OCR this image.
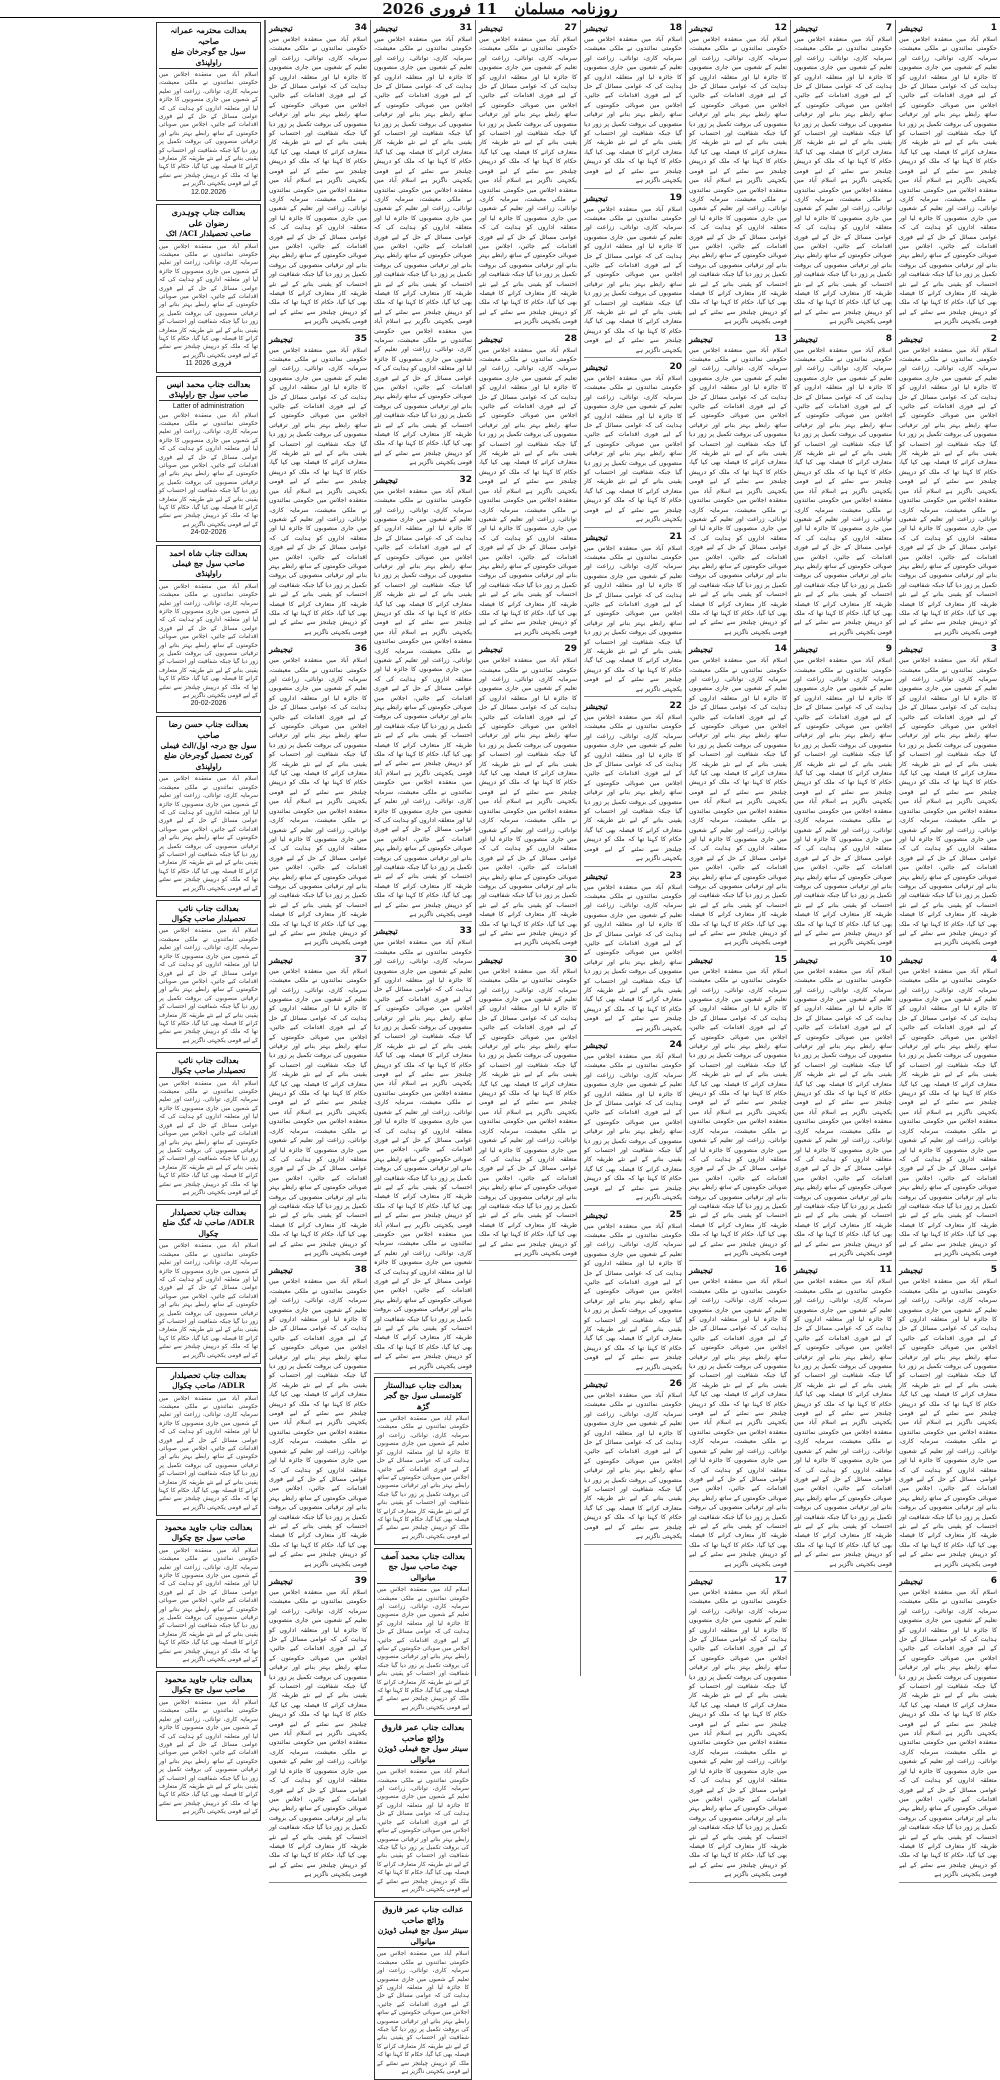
روزنامہ مسلمان 11 فروری 2026
1
تیجیشر
اسلام آباد میں منعقدہ اجلاس میں حکومتی نمائندوں نے ملکی معیشت، سرمایہ کاری، توانائی، زراعت اور تعلیم کے شعبوں میں جاری منصوبوں کا جائزہ لیا اور متعلقہ اداروں کو ہدایت کی کہ عوامی مسائل کے حل کے لیے فوری اقدامات کیے جائیں، اجلاس میں صوبائی حکومتوں کے ساتھ رابطے بہتر بنانے اور ترقیاتی منصوبوں کی بروقت تکمیل پر زور دیا گیا جبکہ شفافیت اور احتساب کو یقینی بنانے کے لیے نئے طریقہ کار متعارف کرانے کا فیصلہ بھی کیا گیا، حکام کا کہنا تھا کہ ملک کو درپیش چیلنجز سے نمٹنے کے لیے قومی یکجہتی ناگزیر ہے اسلام آباد میں منعقدہ اجلاس میں حکومتی نمائندوں نے ملکی معیشت، سرمایہ کاری، توانائی، زراعت اور تعلیم کے شعبوں میں جاری منصوبوں کا جائزہ لیا اور متعلقہ اداروں کو ہدایت کی کہ عوامی مسائل کے حل کے لیے فوری اقدامات کیے جائیں، اجلاس میں صوبائی حکومتوں کے ساتھ رابطے بہتر بنانے اور ترقیاتی منصوبوں کی بروقت تکمیل پر زور دیا گیا جبکہ شفافیت اور احتساب کو یقینی بنانے کے لیے نئے طریقہ کار متعارف کرانے کا فیصلہ بھی کیا گیا، حکام کا کہنا تھا کہ ملک کو درپیش چیلنجز سے نمٹنے کے لیے قومی یکجہتی ناگزیر ہے
2
تیجیشر
اسلام آباد میں منعقدہ اجلاس میں حکومتی نمائندوں نے ملکی معیشت، سرمایہ کاری، توانائی، زراعت اور تعلیم کے شعبوں میں جاری منصوبوں کا جائزہ لیا اور متعلقہ اداروں کو ہدایت کی کہ عوامی مسائل کے حل کے لیے فوری اقدامات کیے جائیں، اجلاس میں صوبائی حکومتوں کے ساتھ رابطے بہتر بنانے اور ترقیاتی منصوبوں کی بروقت تکمیل پر زور دیا گیا جبکہ شفافیت اور احتساب کو یقینی بنانے کے لیے نئے طریقہ کار متعارف کرانے کا فیصلہ بھی کیا گیا، حکام کا کہنا تھا کہ ملک کو درپیش چیلنجز سے نمٹنے کے لیے قومی یکجہتی ناگزیر ہے اسلام آباد میں منعقدہ اجلاس میں حکومتی نمائندوں نے ملکی معیشت، سرمایہ کاری، توانائی، زراعت اور تعلیم کے شعبوں میں جاری منصوبوں کا جائزہ لیا اور متعلقہ اداروں کو ہدایت کی کہ عوامی مسائل کے حل کے لیے فوری اقدامات کیے جائیں، اجلاس میں صوبائی حکومتوں کے ساتھ رابطے بہتر بنانے اور ترقیاتی منصوبوں کی بروقت تکمیل پر زور دیا گیا جبکہ شفافیت اور احتساب کو یقینی بنانے کے لیے نئے طریقہ کار متعارف کرانے کا فیصلہ بھی کیا گیا، حکام کا کہنا تھا کہ ملک کو درپیش چیلنجز سے نمٹنے کے لیے قومی یکجہتی ناگزیر ہے
3
تیجیشر
اسلام آباد میں منعقدہ اجلاس میں حکومتی نمائندوں نے ملکی معیشت، سرمایہ کاری، توانائی، زراعت اور تعلیم کے شعبوں میں جاری منصوبوں کا جائزہ لیا اور متعلقہ اداروں کو ہدایت کی کہ عوامی مسائل کے حل کے لیے فوری اقدامات کیے جائیں، اجلاس میں صوبائی حکومتوں کے ساتھ رابطے بہتر بنانے اور ترقیاتی منصوبوں کی بروقت تکمیل پر زور دیا گیا جبکہ شفافیت اور احتساب کو یقینی بنانے کے لیے نئے طریقہ کار متعارف کرانے کا فیصلہ بھی کیا گیا، حکام کا کہنا تھا کہ ملک کو درپیش چیلنجز سے نمٹنے کے لیے قومی یکجہتی ناگزیر ہے اسلام آباد میں منعقدہ اجلاس میں حکومتی نمائندوں نے ملکی معیشت، سرمایہ کاری، توانائی، زراعت اور تعلیم کے شعبوں میں جاری منصوبوں کا جائزہ لیا اور متعلقہ اداروں کو ہدایت کی کہ عوامی مسائل کے حل کے لیے فوری اقدامات کیے جائیں، اجلاس میں صوبائی حکومتوں کے ساتھ رابطے بہتر بنانے اور ترقیاتی منصوبوں کی بروقت تکمیل پر زور دیا گیا جبکہ شفافیت اور احتساب کو یقینی بنانے کے لیے نئے طریقہ کار متعارف کرانے کا فیصلہ بھی کیا گیا، حکام کا کہنا تھا کہ ملک کو درپیش چیلنجز سے نمٹنے کے لیے قومی یکجہتی ناگزیر ہے
4
تیجیشر
اسلام آباد میں منعقدہ اجلاس میں حکومتی نمائندوں نے ملکی معیشت، سرمایہ کاری، توانائی، زراعت اور تعلیم کے شعبوں میں جاری منصوبوں کا جائزہ لیا اور متعلقہ اداروں کو ہدایت کی کہ عوامی مسائل کے حل کے لیے فوری اقدامات کیے جائیں، اجلاس میں صوبائی حکومتوں کے ساتھ رابطے بہتر بنانے اور ترقیاتی منصوبوں کی بروقت تکمیل پر زور دیا گیا جبکہ شفافیت اور احتساب کو یقینی بنانے کے لیے نئے طریقہ کار متعارف کرانے کا فیصلہ بھی کیا گیا، حکام کا کہنا تھا کہ ملک کو درپیش چیلنجز سے نمٹنے کے لیے قومی یکجہتی ناگزیر ہے اسلام آباد میں منعقدہ اجلاس میں حکومتی نمائندوں نے ملکی معیشت، سرمایہ کاری، توانائی، زراعت اور تعلیم کے شعبوں میں جاری منصوبوں کا جائزہ لیا اور متعلقہ اداروں کو ہدایت کی کہ عوامی مسائل کے حل کے لیے فوری اقدامات کیے جائیں، اجلاس میں صوبائی حکومتوں کے ساتھ رابطے بہتر بنانے اور ترقیاتی منصوبوں کی بروقت تکمیل پر زور دیا گیا جبکہ شفافیت اور احتساب کو یقینی بنانے کے لیے نئے طریقہ کار متعارف کرانے کا فیصلہ بھی کیا گیا، حکام کا کہنا تھا کہ ملک کو درپیش چیلنجز سے نمٹنے کے لیے قومی یکجہتی ناگزیر ہے
5
تیجیشر
اسلام آباد میں منعقدہ اجلاس میں حکومتی نمائندوں نے ملکی معیشت، سرمایہ کاری، توانائی، زراعت اور تعلیم کے شعبوں میں جاری منصوبوں کا جائزہ لیا اور متعلقہ اداروں کو ہدایت کی کہ عوامی مسائل کے حل کے لیے فوری اقدامات کیے جائیں، اجلاس میں صوبائی حکومتوں کے ساتھ رابطے بہتر بنانے اور ترقیاتی منصوبوں کی بروقت تکمیل پر زور دیا گیا جبکہ شفافیت اور احتساب کو یقینی بنانے کے لیے نئے طریقہ کار متعارف کرانے کا فیصلہ بھی کیا گیا، حکام کا کہنا تھا کہ ملک کو درپیش چیلنجز سے نمٹنے کے لیے قومی یکجہتی ناگزیر ہے اسلام آباد میں منعقدہ اجلاس میں حکومتی نمائندوں نے ملکی معیشت، سرمایہ کاری، توانائی، زراعت اور تعلیم کے شعبوں میں جاری منصوبوں کا جائزہ لیا اور متعلقہ اداروں کو ہدایت کی کہ عوامی مسائل کے حل کے لیے فوری اقدامات کیے جائیں، اجلاس میں صوبائی حکومتوں کے ساتھ رابطے بہتر بنانے اور ترقیاتی منصوبوں کی بروقت تکمیل پر زور دیا گیا جبکہ شفافیت اور احتساب کو یقینی بنانے کے لیے نئے طریقہ کار متعارف کرانے کا فیصلہ بھی کیا گیا، حکام کا کہنا تھا کہ ملک کو درپیش چیلنجز سے نمٹنے کے لیے قومی یکجہتی ناگزیر ہے
6
تیجیشر
اسلام آباد میں منعقدہ اجلاس میں حکومتی نمائندوں نے ملکی معیشت، سرمایہ کاری، توانائی، زراعت اور تعلیم کے شعبوں میں جاری منصوبوں کا جائزہ لیا اور متعلقہ اداروں کو ہدایت کی کہ عوامی مسائل کے حل کے لیے فوری اقدامات کیے جائیں، اجلاس میں صوبائی حکومتوں کے ساتھ رابطے بہتر بنانے اور ترقیاتی منصوبوں کی بروقت تکمیل پر زور دیا گیا جبکہ شفافیت اور احتساب کو یقینی بنانے کے لیے نئے طریقہ کار متعارف کرانے کا فیصلہ بھی کیا گیا، حکام کا کہنا تھا کہ ملک کو درپیش چیلنجز سے نمٹنے کے لیے قومی یکجہتی ناگزیر ہے اسلام آباد میں منعقدہ اجلاس میں حکومتی نمائندوں نے ملکی معیشت، سرمایہ کاری، توانائی، زراعت اور تعلیم کے شعبوں میں جاری منصوبوں کا جائزہ لیا اور متعلقہ اداروں کو ہدایت کی کہ عوامی مسائل کے حل کے لیے فوری اقدامات کیے جائیں، اجلاس میں صوبائی حکومتوں کے ساتھ رابطے بہتر بنانے اور ترقیاتی منصوبوں کی بروقت تکمیل پر زور دیا گیا جبکہ شفافیت اور احتساب کو یقینی بنانے کے لیے نئے طریقہ کار متعارف کرانے کا فیصلہ بھی کیا گیا، حکام کا کہنا تھا کہ ملک کو درپیش چیلنجز سے نمٹنے کے لیے قومی یکجہتی ناگزیر ہے
7
تیجیشر
اسلام آباد میں منعقدہ اجلاس میں حکومتی نمائندوں نے ملکی معیشت، سرمایہ کاری، توانائی، زراعت اور تعلیم کے شعبوں میں جاری منصوبوں کا جائزہ لیا اور متعلقہ اداروں کو ہدایت کی کہ عوامی مسائل کے حل کے لیے فوری اقدامات کیے جائیں، اجلاس میں صوبائی حکومتوں کے ساتھ رابطے بہتر بنانے اور ترقیاتی منصوبوں کی بروقت تکمیل پر زور دیا گیا جبکہ شفافیت اور احتساب کو یقینی بنانے کے لیے نئے طریقہ کار متعارف کرانے کا فیصلہ بھی کیا گیا، حکام کا کہنا تھا کہ ملک کو درپیش چیلنجز سے نمٹنے کے لیے قومی یکجہتی ناگزیر ہے اسلام آباد میں منعقدہ اجلاس میں حکومتی نمائندوں نے ملکی معیشت، سرمایہ کاری، توانائی، زراعت اور تعلیم کے شعبوں میں جاری منصوبوں کا جائزہ لیا اور متعلقہ اداروں کو ہدایت کی کہ عوامی مسائل کے حل کے لیے فوری اقدامات کیے جائیں، اجلاس میں صوبائی حکومتوں کے ساتھ رابطے بہتر بنانے اور ترقیاتی منصوبوں کی بروقت تکمیل پر زور دیا گیا جبکہ شفافیت اور احتساب کو یقینی بنانے کے لیے نئے طریقہ کار متعارف کرانے کا فیصلہ بھی کیا گیا، حکام کا کہنا تھا کہ ملک کو درپیش چیلنجز سے نمٹنے کے لیے قومی یکجہتی ناگزیر ہے
8
تیجیشر
اسلام آباد میں منعقدہ اجلاس میں حکومتی نمائندوں نے ملکی معیشت، سرمایہ کاری، توانائی، زراعت اور تعلیم کے شعبوں میں جاری منصوبوں کا جائزہ لیا اور متعلقہ اداروں کو ہدایت کی کہ عوامی مسائل کے حل کے لیے فوری اقدامات کیے جائیں، اجلاس میں صوبائی حکومتوں کے ساتھ رابطے بہتر بنانے اور ترقیاتی منصوبوں کی بروقت تکمیل پر زور دیا گیا جبکہ شفافیت اور احتساب کو یقینی بنانے کے لیے نئے طریقہ کار متعارف کرانے کا فیصلہ بھی کیا گیا، حکام کا کہنا تھا کہ ملک کو درپیش چیلنجز سے نمٹنے کے لیے قومی یکجہتی ناگزیر ہے اسلام آباد میں منعقدہ اجلاس میں حکومتی نمائندوں نے ملکی معیشت، سرمایہ کاری، توانائی، زراعت اور تعلیم کے شعبوں میں جاری منصوبوں کا جائزہ لیا اور متعلقہ اداروں کو ہدایت کی کہ عوامی مسائل کے حل کے لیے فوری اقدامات کیے جائیں، اجلاس میں صوبائی حکومتوں کے ساتھ رابطے بہتر بنانے اور ترقیاتی منصوبوں کی بروقت تکمیل پر زور دیا گیا جبکہ شفافیت اور احتساب کو یقینی بنانے کے لیے نئے طریقہ کار متعارف کرانے کا فیصلہ بھی کیا گیا، حکام کا کہنا تھا کہ ملک کو درپیش چیلنجز سے نمٹنے کے لیے قومی یکجہتی ناگزیر ہے
9
تیجیشر
اسلام آباد میں منعقدہ اجلاس میں حکومتی نمائندوں نے ملکی معیشت، سرمایہ کاری، توانائی، زراعت اور تعلیم کے شعبوں میں جاری منصوبوں کا جائزہ لیا اور متعلقہ اداروں کو ہدایت کی کہ عوامی مسائل کے حل کے لیے فوری اقدامات کیے جائیں، اجلاس میں صوبائی حکومتوں کے ساتھ رابطے بہتر بنانے اور ترقیاتی منصوبوں کی بروقت تکمیل پر زور دیا گیا جبکہ شفافیت اور احتساب کو یقینی بنانے کے لیے نئے طریقہ کار متعارف کرانے کا فیصلہ بھی کیا گیا، حکام کا کہنا تھا کہ ملک کو درپیش چیلنجز سے نمٹنے کے لیے قومی یکجہتی ناگزیر ہے اسلام آباد میں منعقدہ اجلاس میں حکومتی نمائندوں نے ملکی معیشت، سرمایہ کاری، توانائی، زراعت اور تعلیم کے شعبوں میں جاری منصوبوں کا جائزہ لیا اور متعلقہ اداروں کو ہدایت کی کہ عوامی مسائل کے حل کے لیے فوری اقدامات کیے جائیں، اجلاس میں صوبائی حکومتوں کے ساتھ رابطے بہتر بنانے اور ترقیاتی منصوبوں کی بروقت تکمیل پر زور دیا گیا جبکہ شفافیت اور احتساب کو یقینی بنانے کے لیے نئے طریقہ کار متعارف کرانے کا فیصلہ بھی کیا گیا، حکام کا کہنا تھا کہ ملک کو درپیش چیلنجز سے نمٹنے کے لیے قومی یکجہتی ناگزیر ہے
10
تیجیشر
اسلام آباد میں منعقدہ اجلاس میں حکومتی نمائندوں نے ملکی معیشت، سرمایہ کاری، توانائی، زراعت اور تعلیم کے شعبوں میں جاری منصوبوں کا جائزہ لیا اور متعلقہ اداروں کو ہدایت کی کہ عوامی مسائل کے حل کے لیے فوری اقدامات کیے جائیں، اجلاس میں صوبائی حکومتوں کے ساتھ رابطے بہتر بنانے اور ترقیاتی منصوبوں کی بروقت تکمیل پر زور دیا گیا جبکہ شفافیت اور احتساب کو یقینی بنانے کے لیے نئے طریقہ کار متعارف کرانے کا فیصلہ بھی کیا گیا، حکام کا کہنا تھا کہ ملک کو درپیش چیلنجز سے نمٹنے کے لیے قومی یکجہتی ناگزیر ہے اسلام آباد میں منعقدہ اجلاس میں حکومتی نمائندوں نے ملکی معیشت، سرمایہ کاری، توانائی، زراعت اور تعلیم کے شعبوں میں جاری منصوبوں کا جائزہ لیا اور متعلقہ اداروں کو ہدایت کی کہ عوامی مسائل کے حل کے لیے فوری اقدامات کیے جائیں، اجلاس میں صوبائی حکومتوں کے ساتھ رابطے بہتر بنانے اور ترقیاتی منصوبوں کی بروقت تکمیل پر زور دیا گیا جبکہ شفافیت اور احتساب کو یقینی بنانے کے لیے نئے طریقہ کار متعارف کرانے کا فیصلہ بھی کیا گیا، حکام کا کہنا تھا کہ ملک کو درپیش چیلنجز سے نمٹنے کے لیے قومی یکجہتی ناگزیر ہے
11
تیجیشر
اسلام آباد میں منعقدہ اجلاس میں حکومتی نمائندوں نے ملکی معیشت، سرمایہ کاری، توانائی، زراعت اور تعلیم کے شعبوں میں جاری منصوبوں کا جائزہ لیا اور متعلقہ اداروں کو ہدایت کی کہ عوامی مسائل کے حل کے لیے فوری اقدامات کیے جائیں، اجلاس میں صوبائی حکومتوں کے ساتھ رابطے بہتر بنانے اور ترقیاتی منصوبوں کی بروقت تکمیل پر زور دیا گیا جبکہ شفافیت اور احتساب کو یقینی بنانے کے لیے نئے طریقہ کار متعارف کرانے کا فیصلہ بھی کیا گیا، حکام کا کہنا تھا کہ ملک کو درپیش چیلنجز سے نمٹنے کے لیے قومی یکجہتی ناگزیر ہے اسلام آباد میں منعقدہ اجلاس میں حکومتی نمائندوں نے ملکی معیشت، سرمایہ کاری، توانائی، زراعت اور تعلیم کے شعبوں میں جاری منصوبوں کا جائزہ لیا اور متعلقہ اداروں کو ہدایت کی کہ عوامی مسائل کے حل کے لیے فوری اقدامات کیے جائیں، اجلاس میں صوبائی حکومتوں کے ساتھ رابطے بہتر بنانے اور ترقیاتی منصوبوں کی بروقت تکمیل پر زور دیا گیا جبکہ شفافیت اور احتساب کو یقینی بنانے کے لیے نئے طریقہ کار متعارف کرانے کا فیصلہ بھی کیا گیا، حکام کا کہنا تھا کہ ملک کو درپیش چیلنجز سے نمٹنے کے لیے قومی یکجہتی ناگزیر ہے
12
تیجیشر
اسلام آباد میں منعقدہ اجلاس میں حکومتی نمائندوں نے ملکی معیشت، سرمایہ کاری، توانائی، زراعت اور تعلیم کے شعبوں میں جاری منصوبوں کا جائزہ لیا اور متعلقہ اداروں کو ہدایت کی کہ عوامی مسائل کے حل کے لیے فوری اقدامات کیے جائیں، اجلاس میں صوبائی حکومتوں کے ساتھ رابطے بہتر بنانے اور ترقیاتی منصوبوں کی بروقت تکمیل پر زور دیا گیا جبکہ شفافیت اور احتساب کو یقینی بنانے کے لیے نئے طریقہ کار متعارف کرانے کا فیصلہ بھی کیا گیا، حکام کا کہنا تھا کہ ملک کو درپیش چیلنجز سے نمٹنے کے لیے قومی یکجہتی ناگزیر ہے اسلام آباد میں منعقدہ اجلاس میں حکومتی نمائندوں نے ملکی معیشت، سرمایہ کاری، توانائی، زراعت اور تعلیم کے شعبوں میں جاری منصوبوں کا جائزہ لیا اور متعلقہ اداروں کو ہدایت کی کہ عوامی مسائل کے حل کے لیے فوری اقدامات کیے جائیں، اجلاس میں صوبائی حکومتوں کے ساتھ رابطے بہتر بنانے اور ترقیاتی منصوبوں کی بروقت تکمیل پر زور دیا گیا جبکہ شفافیت اور احتساب کو یقینی بنانے کے لیے نئے طریقہ کار متعارف کرانے کا فیصلہ بھی کیا گیا، حکام کا کہنا تھا کہ ملک کو درپیش چیلنجز سے نمٹنے کے لیے قومی یکجہتی ناگزیر ہے
13
تیجیشر
اسلام آباد میں منعقدہ اجلاس میں حکومتی نمائندوں نے ملکی معیشت، سرمایہ کاری، توانائی، زراعت اور تعلیم کے شعبوں میں جاری منصوبوں کا جائزہ لیا اور متعلقہ اداروں کو ہدایت کی کہ عوامی مسائل کے حل کے لیے فوری اقدامات کیے جائیں، اجلاس میں صوبائی حکومتوں کے ساتھ رابطے بہتر بنانے اور ترقیاتی منصوبوں کی بروقت تکمیل پر زور دیا گیا جبکہ شفافیت اور احتساب کو یقینی بنانے کے لیے نئے طریقہ کار متعارف کرانے کا فیصلہ بھی کیا گیا، حکام کا کہنا تھا کہ ملک کو درپیش چیلنجز سے نمٹنے کے لیے قومی یکجہتی ناگزیر ہے اسلام آباد میں منعقدہ اجلاس میں حکومتی نمائندوں نے ملکی معیشت، سرمایہ کاری، توانائی، زراعت اور تعلیم کے شعبوں میں جاری منصوبوں کا جائزہ لیا اور متعلقہ اداروں کو ہدایت کی کہ عوامی مسائل کے حل کے لیے فوری اقدامات کیے جائیں، اجلاس میں صوبائی حکومتوں کے ساتھ رابطے بہتر بنانے اور ترقیاتی منصوبوں کی بروقت تکمیل پر زور دیا گیا جبکہ شفافیت اور احتساب کو یقینی بنانے کے لیے نئے طریقہ کار متعارف کرانے کا فیصلہ بھی کیا گیا، حکام کا کہنا تھا کہ ملک کو درپیش چیلنجز سے نمٹنے کے لیے قومی یکجہتی ناگزیر ہے
14
تیجیشر
اسلام آباد میں منعقدہ اجلاس میں حکومتی نمائندوں نے ملکی معیشت، سرمایہ کاری، توانائی، زراعت اور تعلیم کے شعبوں میں جاری منصوبوں کا جائزہ لیا اور متعلقہ اداروں کو ہدایت کی کہ عوامی مسائل کے حل کے لیے فوری اقدامات کیے جائیں، اجلاس میں صوبائی حکومتوں کے ساتھ رابطے بہتر بنانے اور ترقیاتی منصوبوں کی بروقت تکمیل پر زور دیا گیا جبکہ شفافیت اور احتساب کو یقینی بنانے کے لیے نئے طریقہ کار متعارف کرانے کا فیصلہ بھی کیا گیا، حکام کا کہنا تھا کہ ملک کو درپیش چیلنجز سے نمٹنے کے لیے قومی یکجہتی ناگزیر ہے اسلام آباد میں منعقدہ اجلاس میں حکومتی نمائندوں نے ملکی معیشت، سرمایہ کاری، توانائی، زراعت اور تعلیم کے شعبوں میں جاری منصوبوں کا جائزہ لیا اور متعلقہ اداروں کو ہدایت کی کہ عوامی مسائل کے حل کے لیے فوری اقدامات کیے جائیں، اجلاس میں صوبائی حکومتوں کے ساتھ رابطے بہتر بنانے اور ترقیاتی منصوبوں کی بروقت تکمیل پر زور دیا گیا جبکہ شفافیت اور احتساب کو یقینی بنانے کے لیے نئے طریقہ کار متعارف کرانے کا فیصلہ بھی کیا گیا، حکام کا کہنا تھا کہ ملک کو درپیش چیلنجز سے نمٹنے کے لیے قومی یکجہتی ناگزیر ہے
15
تیجیشر
اسلام آباد میں منعقدہ اجلاس میں حکومتی نمائندوں نے ملکی معیشت، سرمایہ کاری، توانائی، زراعت اور تعلیم کے شعبوں میں جاری منصوبوں کا جائزہ لیا اور متعلقہ اداروں کو ہدایت کی کہ عوامی مسائل کے حل کے لیے فوری اقدامات کیے جائیں، اجلاس میں صوبائی حکومتوں کے ساتھ رابطے بہتر بنانے اور ترقیاتی منصوبوں کی بروقت تکمیل پر زور دیا گیا جبکہ شفافیت اور احتساب کو یقینی بنانے کے لیے نئے طریقہ کار متعارف کرانے کا فیصلہ بھی کیا گیا، حکام کا کہنا تھا کہ ملک کو درپیش چیلنجز سے نمٹنے کے لیے قومی یکجہتی ناگزیر ہے اسلام آباد میں منعقدہ اجلاس میں حکومتی نمائندوں نے ملکی معیشت، سرمایہ کاری، توانائی، زراعت اور تعلیم کے شعبوں میں جاری منصوبوں کا جائزہ لیا اور متعلقہ اداروں کو ہدایت کی کہ عوامی مسائل کے حل کے لیے فوری اقدامات کیے جائیں، اجلاس میں صوبائی حکومتوں کے ساتھ رابطے بہتر بنانے اور ترقیاتی منصوبوں کی بروقت تکمیل پر زور دیا گیا جبکہ شفافیت اور احتساب کو یقینی بنانے کے لیے نئے طریقہ کار متعارف کرانے کا فیصلہ بھی کیا گیا، حکام کا کہنا تھا کہ ملک کو درپیش چیلنجز سے نمٹنے کے لیے قومی یکجہتی ناگزیر ہے
16
تیجیشر
اسلام آباد میں منعقدہ اجلاس میں حکومتی نمائندوں نے ملکی معیشت، سرمایہ کاری، توانائی، زراعت اور تعلیم کے شعبوں میں جاری منصوبوں کا جائزہ لیا اور متعلقہ اداروں کو ہدایت کی کہ عوامی مسائل کے حل کے لیے فوری اقدامات کیے جائیں، اجلاس میں صوبائی حکومتوں کے ساتھ رابطے بہتر بنانے اور ترقیاتی منصوبوں کی بروقت تکمیل پر زور دیا گیا جبکہ شفافیت اور احتساب کو یقینی بنانے کے لیے نئے طریقہ کار متعارف کرانے کا فیصلہ بھی کیا گیا، حکام کا کہنا تھا کہ ملک کو درپیش چیلنجز سے نمٹنے کے لیے قومی یکجہتی ناگزیر ہے اسلام آباد میں منعقدہ اجلاس میں حکومتی نمائندوں نے ملکی معیشت، سرمایہ کاری، توانائی، زراعت اور تعلیم کے شعبوں میں جاری منصوبوں کا جائزہ لیا اور متعلقہ اداروں کو ہدایت کی کہ عوامی مسائل کے حل کے لیے فوری اقدامات کیے جائیں، اجلاس میں صوبائی حکومتوں کے ساتھ رابطے بہتر بنانے اور ترقیاتی منصوبوں کی بروقت تکمیل پر زور دیا گیا جبکہ شفافیت اور احتساب کو یقینی بنانے کے لیے نئے طریقہ کار متعارف کرانے کا فیصلہ بھی کیا گیا، حکام کا کہنا تھا کہ ملک کو درپیش چیلنجز سے نمٹنے کے لیے قومی یکجہتی ناگزیر ہے
17
تیجیشر
اسلام آباد میں منعقدہ اجلاس میں حکومتی نمائندوں نے ملکی معیشت، سرمایہ کاری، توانائی، زراعت اور تعلیم کے شعبوں میں جاری منصوبوں کا جائزہ لیا اور متعلقہ اداروں کو ہدایت کی کہ عوامی مسائل کے حل کے لیے فوری اقدامات کیے جائیں، اجلاس میں صوبائی حکومتوں کے ساتھ رابطے بہتر بنانے اور ترقیاتی منصوبوں کی بروقت تکمیل پر زور دیا گیا جبکہ شفافیت اور احتساب کو یقینی بنانے کے لیے نئے طریقہ کار متعارف کرانے کا فیصلہ بھی کیا گیا، حکام کا کہنا تھا کہ ملک کو درپیش چیلنجز سے نمٹنے کے لیے قومی یکجہتی ناگزیر ہے اسلام آباد میں منعقدہ اجلاس میں حکومتی نمائندوں نے ملکی معیشت، سرمایہ کاری، توانائی، زراعت اور تعلیم کے شعبوں میں جاری منصوبوں کا جائزہ لیا اور متعلقہ اداروں کو ہدایت کی کہ عوامی مسائل کے حل کے لیے فوری اقدامات کیے جائیں، اجلاس میں صوبائی حکومتوں کے ساتھ رابطے بہتر بنانے اور ترقیاتی منصوبوں کی بروقت تکمیل پر زور دیا گیا جبکہ شفافیت اور احتساب کو یقینی بنانے کے لیے نئے طریقہ کار متعارف کرانے کا فیصلہ بھی کیا گیا، حکام کا کہنا تھا کہ ملک کو درپیش چیلنجز سے نمٹنے کے لیے قومی یکجہتی ناگزیر ہے
18
تیجیشر
اسلام آباد میں منعقدہ اجلاس میں حکومتی نمائندوں نے ملکی معیشت، سرمایہ کاری، توانائی، زراعت اور تعلیم کے شعبوں میں جاری منصوبوں کا جائزہ لیا اور متعلقہ اداروں کو ہدایت کی کہ عوامی مسائل کے حل کے لیے فوری اقدامات کیے جائیں، اجلاس میں صوبائی حکومتوں کے ساتھ رابطے بہتر بنانے اور ترقیاتی منصوبوں کی بروقت تکمیل پر زور دیا گیا جبکہ شفافیت اور احتساب کو یقینی بنانے کے لیے نئے طریقہ کار متعارف کرانے کا فیصلہ بھی کیا گیا، حکام کا کہنا تھا کہ ملک کو درپیش چیلنجز سے نمٹنے کے لیے قومی یکجہتی ناگزیر ہے
19
تیجیشر
اسلام آباد میں منعقدہ اجلاس میں حکومتی نمائندوں نے ملکی معیشت، سرمایہ کاری، توانائی، زراعت اور تعلیم کے شعبوں میں جاری منصوبوں کا جائزہ لیا اور متعلقہ اداروں کو ہدایت کی کہ عوامی مسائل کے حل کے لیے فوری اقدامات کیے جائیں، اجلاس میں صوبائی حکومتوں کے ساتھ رابطے بہتر بنانے اور ترقیاتی منصوبوں کی بروقت تکمیل پر زور دیا گیا جبکہ شفافیت اور احتساب کو یقینی بنانے کے لیے نئے طریقہ کار متعارف کرانے کا فیصلہ بھی کیا گیا، حکام کا کہنا تھا کہ ملک کو درپیش چیلنجز سے نمٹنے کے لیے قومی یکجہتی ناگزیر ہے
20
تیجیشر
اسلام آباد میں منعقدہ اجلاس میں حکومتی نمائندوں نے ملکی معیشت، سرمایہ کاری، توانائی، زراعت اور تعلیم کے شعبوں میں جاری منصوبوں کا جائزہ لیا اور متعلقہ اداروں کو ہدایت کی کہ عوامی مسائل کے حل کے لیے فوری اقدامات کیے جائیں، اجلاس میں صوبائی حکومتوں کے ساتھ رابطے بہتر بنانے اور ترقیاتی منصوبوں کی بروقت تکمیل پر زور دیا گیا جبکہ شفافیت اور احتساب کو یقینی بنانے کے لیے نئے طریقہ کار متعارف کرانے کا فیصلہ بھی کیا گیا، حکام کا کہنا تھا کہ ملک کو درپیش چیلنجز سے نمٹنے کے لیے قومی یکجہتی ناگزیر ہے
21
تیجیشر
اسلام آباد میں منعقدہ اجلاس میں حکومتی نمائندوں نے ملکی معیشت، سرمایہ کاری، توانائی، زراعت اور تعلیم کے شعبوں میں جاری منصوبوں کا جائزہ لیا اور متعلقہ اداروں کو ہدایت کی کہ عوامی مسائل کے حل کے لیے فوری اقدامات کیے جائیں، اجلاس میں صوبائی حکومتوں کے ساتھ رابطے بہتر بنانے اور ترقیاتی منصوبوں کی بروقت تکمیل پر زور دیا گیا جبکہ شفافیت اور احتساب کو یقینی بنانے کے لیے نئے طریقہ کار متعارف کرانے کا فیصلہ بھی کیا گیا، حکام کا کہنا تھا کہ ملک کو درپیش چیلنجز سے نمٹنے کے لیے قومی یکجہتی ناگزیر ہے
22
تیجیشر
اسلام آباد میں منعقدہ اجلاس میں حکومتی نمائندوں نے ملکی معیشت، سرمایہ کاری، توانائی، زراعت اور تعلیم کے شعبوں میں جاری منصوبوں کا جائزہ لیا اور متعلقہ اداروں کو ہدایت کی کہ عوامی مسائل کے حل کے لیے فوری اقدامات کیے جائیں، اجلاس میں صوبائی حکومتوں کے ساتھ رابطے بہتر بنانے اور ترقیاتی منصوبوں کی بروقت تکمیل پر زور دیا گیا جبکہ شفافیت اور احتساب کو یقینی بنانے کے لیے نئے طریقہ کار متعارف کرانے کا فیصلہ بھی کیا گیا، حکام کا کہنا تھا کہ ملک کو درپیش چیلنجز سے نمٹنے کے لیے قومی یکجہتی ناگزیر ہے
23
تیجیشر
اسلام آباد میں منعقدہ اجلاس میں حکومتی نمائندوں نے ملکی معیشت، سرمایہ کاری، توانائی، زراعت اور تعلیم کے شعبوں میں جاری منصوبوں کا جائزہ لیا اور متعلقہ اداروں کو ہدایت کی کہ عوامی مسائل کے حل کے لیے فوری اقدامات کیے جائیں، اجلاس میں صوبائی حکومتوں کے ساتھ رابطے بہتر بنانے اور ترقیاتی منصوبوں کی بروقت تکمیل پر زور دیا گیا جبکہ شفافیت اور احتساب کو یقینی بنانے کے لیے نئے طریقہ کار متعارف کرانے کا فیصلہ بھی کیا گیا، حکام کا کہنا تھا کہ ملک کو درپیش چیلنجز سے نمٹنے کے لیے قومی یکجہتی ناگزیر ہے
24
تیجیشر
اسلام آباد میں منعقدہ اجلاس میں حکومتی نمائندوں نے ملکی معیشت، سرمایہ کاری، توانائی، زراعت اور تعلیم کے شعبوں میں جاری منصوبوں کا جائزہ لیا اور متعلقہ اداروں کو ہدایت کی کہ عوامی مسائل کے حل کے لیے فوری اقدامات کیے جائیں، اجلاس میں صوبائی حکومتوں کے ساتھ رابطے بہتر بنانے اور ترقیاتی منصوبوں کی بروقت تکمیل پر زور دیا گیا جبکہ شفافیت اور احتساب کو یقینی بنانے کے لیے نئے طریقہ کار متعارف کرانے کا فیصلہ بھی کیا گیا، حکام کا کہنا تھا کہ ملک کو درپیش چیلنجز سے نمٹنے کے لیے قومی یکجہتی ناگزیر ہے
25
تیجیشر
اسلام آباد میں منعقدہ اجلاس میں حکومتی نمائندوں نے ملکی معیشت، سرمایہ کاری، توانائی، زراعت اور تعلیم کے شعبوں میں جاری منصوبوں کا جائزہ لیا اور متعلقہ اداروں کو ہدایت کی کہ عوامی مسائل کے حل کے لیے فوری اقدامات کیے جائیں، اجلاس میں صوبائی حکومتوں کے ساتھ رابطے بہتر بنانے اور ترقیاتی منصوبوں کی بروقت تکمیل پر زور دیا گیا جبکہ شفافیت اور احتساب کو یقینی بنانے کے لیے نئے طریقہ کار متعارف کرانے کا فیصلہ بھی کیا گیا، حکام کا کہنا تھا کہ ملک کو درپیش چیلنجز سے نمٹنے کے لیے قومی یکجہتی ناگزیر ہے
26
تیجیشر
اسلام آباد میں منعقدہ اجلاس میں حکومتی نمائندوں نے ملکی معیشت، سرمایہ کاری، توانائی، زراعت اور تعلیم کے شعبوں میں جاری منصوبوں کا جائزہ لیا اور متعلقہ اداروں کو ہدایت کی کہ عوامی مسائل کے حل کے لیے فوری اقدامات کیے جائیں، اجلاس میں صوبائی حکومتوں کے ساتھ رابطے بہتر بنانے اور ترقیاتی منصوبوں کی بروقت تکمیل پر زور دیا گیا جبکہ شفافیت اور احتساب کو یقینی بنانے کے لیے نئے طریقہ کار متعارف کرانے کا فیصلہ بھی کیا گیا، حکام کا کہنا تھا کہ ملک کو درپیش چیلنجز سے نمٹنے کے لیے قومی یکجہتی ناگزیر ہے
27
تیجیشر
اسلام آباد میں منعقدہ اجلاس میں حکومتی نمائندوں نے ملکی معیشت، سرمایہ کاری، توانائی، زراعت اور تعلیم کے شعبوں میں جاری منصوبوں کا جائزہ لیا اور متعلقہ اداروں کو ہدایت کی کہ عوامی مسائل کے حل کے لیے فوری اقدامات کیے جائیں، اجلاس میں صوبائی حکومتوں کے ساتھ رابطے بہتر بنانے اور ترقیاتی منصوبوں کی بروقت تکمیل پر زور دیا گیا جبکہ شفافیت اور احتساب کو یقینی بنانے کے لیے نئے طریقہ کار متعارف کرانے کا فیصلہ بھی کیا گیا، حکام کا کہنا تھا کہ ملک کو درپیش چیلنجز سے نمٹنے کے لیے قومی یکجہتی ناگزیر ہے اسلام آباد میں منعقدہ اجلاس میں حکومتی نمائندوں نے ملکی معیشت، سرمایہ کاری، توانائی، زراعت اور تعلیم کے شعبوں میں جاری منصوبوں کا جائزہ لیا اور متعلقہ اداروں کو ہدایت کی کہ عوامی مسائل کے حل کے لیے فوری اقدامات کیے جائیں، اجلاس میں صوبائی حکومتوں کے ساتھ رابطے بہتر بنانے اور ترقیاتی منصوبوں کی بروقت تکمیل پر زور دیا گیا جبکہ شفافیت اور احتساب کو یقینی بنانے کے لیے نئے طریقہ کار متعارف کرانے کا فیصلہ بھی کیا گیا، حکام کا کہنا تھا کہ ملک کو درپیش چیلنجز سے نمٹنے کے لیے قومی یکجہتی ناگزیر ہے
28
تیجیشر
اسلام آباد میں منعقدہ اجلاس میں حکومتی نمائندوں نے ملکی معیشت، سرمایہ کاری، توانائی، زراعت اور تعلیم کے شعبوں میں جاری منصوبوں کا جائزہ لیا اور متعلقہ اداروں کو ہدایت کی کہ عوامی مسائل کے حل کے لیے فوری اقدامات کیے جائیں، اجلاس میں صوبائی حکومتوں کے ساتھ رابطے بہتر بنانے اور ترقیاتی منصوبوں کی بروقت تکمیل پر زور دیا گیا جبکہ شفافیت اور احتساب کو یقینی بنانے کے لیے نئے طریقہ کار متعارف کرانے کا فیصلہ بھی کیا گیا، حکام کا کہنا تھا کہ ملک کو درپیش چیلنجز سے نمٹنے کے لیے قومی یکجہتی ناگزیر ہے اسلام آباد میں منعقدہ اجلاس میں حکومتی نمائندوں نے ملکی معیشت، سرمایہ کاری، توانائی، زراعت اور تعلیم کے شعبوں میں جاری منصوبوں کا جائزہ لیا اور متعلقہ اداروں کو ہدایت کی کہ عوامی مسائل کے حل کے لیے فوری اقدامات کیے جائیں، اجلاس میں صوبائی حکومتوں کے ساتھ رابطے بہتر بنانے اور ترقیاتی منصوبوں کی بروقت تکمیل پر زور دیا گیا جبکہ شفافیت اور احتساب کو یقینی بنانے کے لیے نئے طریقہ کار متعارف کرانے کا فیصلہ بھی کیا گیا، حکام کا کہنا تھا کہ ملک کو درپیش چیلنجز سے نمٹنے کے لیے قومی یکجہتی ناگزیر ہے
29
تیجیشر
اسلام آباد میں منعقدہ اجلاس میں حکومتی نمائندوں نے ملکی معیشت، سرمایہ کاری، توانائی، زراعت اور تعلیم کے شعبوں میں جاری منصوبوں کا جائزہ لیا اور متعلقہ اداروں کو ہدایت کی کہ عوامی مسائل کے حل کے لیے فوری اقدامات کیے جائیں، اجلاس میں صوبائی حکومتوں کے ساتھ رابطے بہتر بنانے اور ترقیاتی منصوبوں کی بروقت تکمیل پر زور دیا گیا جبکہ شفافیت اور احتساب کو یقینی بنانے کے لیے نئے طریقہ کار متعارف کرانے کا فیصلہ بھی کیا گیا، حکام کا کہنا تھا کہ ملک کو درپیش چیلنجز سے نمٹنے کے لیے قومی یکجہتی ناگزیر ہے اسلام آباد میں منعقدہ اجلاس میں حکومتی نمائندوں نے ملکی معیشت، سرمایہ کاری، توانائی، زراعت اور تعلیم کے شعبوں میں جاری منصوبوں کا جائزہ لیا اور متعلقہ اداروں کو ہدایت کی کہ عوامی مسائل کے حل کے لیے فوری اقدامات کیے جائیں، اجلاس میں صوبائی حکومتوں کے ساتھ رابطے بہتر بنانے اور ترقیاتی منصوبوں کی بروقت تکمیل پر زور دیا گیا جبکہ شفافیت اور احتساب کو یقینی بنانے کے لیے نئے طریقہ کار متعارف کرانے کا فیصلہ بھی کیا گیا، حکام کا کہنا تھا کہ ملک کو درپیش چیلنجز سے نمٹنے کے لیے قومی یکجہتی ناگزیر ہے
30
تیجیشر
اسلام آباد میں منعقدہ اجلاس میں حکومتی نمائندوں نے ملکی معیشت، سرمایہ کاری، توانائی، زراعت اور تعلیم کے شعبوں میں جاری منصوبوں کا جائزہ لیا اور متعلقہ اداروں کو ہدایت کی کہ عوامی مسائل کے حل کے لیے فوری اقدامات کیے جائیں، اجلاس میں صوبائی حکومتوں کے ساتھ رابطے بہتر بنانے اور ترقیاتی منصوبوں کی بروقت تکمیل پر زور دیا گیا جبکہ شفافیت اور احتساب کو یقینی بنانے کے لیے نئے طریقہ کار متعارف کرانے کا فیصلہ بھی کیا گیا، حکام کا کہنا تھا کہ ملک کو درپیش چیلنجز سے نمٹنے کے لیے قومی یکجہتی ناگزیر ہے اسلام آباد میں منعقدہ اجلاس میں حکومتی نمائندوں نے ملکی معیشت، سرمایہ کاری، توانائی، زراعت اور تعلیم کے شعبوں میں جاری منصوبوں کا جائزہ لیا اور متعلقہ اداروں کو ہدایت کی کہ عوامی مسائل کے حل کے لیے فوری اقدامات کیے جائیں، اجلاس میں صوبائی حکومتوں کے ساتھ رابطے بہتر بنانے اور ترقیاتی منصوبوں کی بروقت تکمیل پر زور دیا گیا جبکہ شفافیت اور احتساب کو یقینی بنانے کے لیے نئے طریقہ کار متعارف کرانے کا فیصلہ بھی کیا گیا، حکام کا کہنا تھا کہ ملک کو درپیش چیلنجز سے نمٹنے کے لیے قومی یکجہتی ناگزیر ہے
31
تیجیشر
اسلام آباد میں منعقدہ اجلاس میں حکومتی نمائندوں نے ملکی معیشت، سرمایہ کاری، توانائی، زراعت اور تعلیم کے شعبوں میں جاری منصوبوں کا جائزہ لیا اور متعلقہ اداروں کو ہدایت کی کہ عوامی مسائل کے حل کے لیے فوری اقدامات کیے جائیں، اجلاس میں صوبائی حکومتوں کے ساتھ رابطے بہتر بنانے اور ترقیاتی منصوبوں کی بروقت تکمیل پر زور دیا گیا جبکہ شفافیت اور احتساب کو یقینی بنانے کے لیے نئے طریقہ کار متعارف کرانے کا فیصلہ بھی کیا گیا، حکام کا کہنا تھا کہ ملک کو درپیش چیلنجز سے نمٹنے کے لیے قومی یکجہتی ناگزیر ہے اسلام آباد میں منعقدہ اجلاس میں حکومتی نمائندوں نے ملکی معیشت، سرمایہ کاری، توانائی، زراعت اور تعلیم کے شعبوں میں جاری منصوبوں کا جائزہ لیا اور متعلقہ اداروں کو ہدایت کی کہ عوامی مسائل کے حل کے لیے فوری اقدامات کیے جائیں، اجلاس میں صوبائی حکومتوں کے ساتھ رابطے بہتر بنانے اور ترقیاتی منصوبوں کی بروقت تکمیل پر زور دیا گیا جبکہ شفافیت اور احتساب کو یقینی بنانے کے لیے نئے طریقہ کار متعارف کرانے کا فیصلہ بھی کیا گیا، حکام کا کہنا تھا کہ ملک کو درپیش چیلنجز سے نمٹنے کے لیے قومی یکجہتی ناگزیر ہے اسلام آباد میں منعقدہ اجلاس میں حکومتی نمائندوں نے ملکی معیشت، سرمایہ کاری، توانائی، زراعت اور تعلیم کے شعبوں میں جاری منصوبوں کا جائزہ لیا اور متعلقہ اداروں کو ہدایت کی کہ عوامی مسائل کے حل کے لیے فوری اقدامات کیے جائیں، اجلاس میں صوبائی حکومتوں کے ساتھ رابطے بہتر بنانے اور ترقیاتی منصوبوں کی بروقت تکمیل پر زور دیا گیا جبکہ شفافیت اور احتساب کو یقینی بنانے کے لیے نئے طریقہ کار متعارف کرانے کا فیصلہ بھی کیا گیا، حکام کا کہنا تھا کہ ملک کو درپیش چیلنجز سے نمٹنے کے لیے قومی یکجہتی ناگزیر ہے
32
تیجیشر
اسلام آباد میں منعقدہ اجلاس میں حکومتی نمائندوں نے ملکی معیشت، سرمایہ کاری، توانائی، زراعت اور تعلیم کے شعبوں میں جاری منصوبوں کا جائزہ لیا اور متعلقہ اداروں کو ہدایت کی کہ عوامی مسائل کے حل کے لیے فوری اقدامات کیے جائیں، اجلاس میں صوبائی حکومتوں کے ساتھ رابطے بہتر بنانے اور ترقیاتی منصوبوں کی بروقت تکمیل پر زور دیا گیا جبکہ شفافیت اور احتساب کو یقینی بنانے کے لیے نئے طریقہ کار متعارف کرانے کا فیصلہ بھی کیا گیا، حکام کا کہنا تھا کہ ملک کو درپیش چیلنجز سے نمٹنے کے لیے قومی یکجہتی ناگزیر ہے اسلام آباد میں منعقدہ اجلاس میں حکومتی نمائندوں نے ملکی معیشت، سرمایہ کاری، توانائی، زراعت اور تعلیم کے شعبوں میں جاری منصوبوں کا جائزہ لیا اور متعلقہ اداروں کو ہدایت کی کہ عوامی مسائل کے حل کے لیے فوری اقدامات کیے جائیں، اجلاس میں صوبائی حکومتوں کے ساتھ رابطے بہتر بنانے اور ترقیاتی منصوبوں کی بروقت تکمیل پر زور دیا گیا جبکہ شفافیت اور احتساب کو یقینی بنانے کے لیے نئے طریقہ کار متعارف کرانے کا فیصلہ بھی کیا گیا، حکام کا کہنا تھا کہ ملک کو درپیش چیلنجز سے نمٹنے کے لیے قومی یکجہتی ناگزیر ہے اسلام آباد میں منعقدہ اجلاس میں حکومتی نمائندوں نے ملکی معیشت، سرمایہ کاری، توانائی، زراعت اور تعلیم کے شعبوں میں جاری منصوبوں کا جائزہ لیا اور متعلقہ اداروں کو ہدایت کی کہ عوامی مسائل کے حل کے لیے فوری اقدامات کیے جائیں، اجلاس میں صوبائی حکومتوں کے ساتھ رابطے بہتر بنانے اور ترقیاتی منصوبوں کی بروقت تکمیل پر زور دیا گیا جبکہ شفافیت اور احتساب کو یقینی بنانے کے لیے نئے طریقہ کار متعارف کرانے کا فیصلہ بھی کیا گیا، حکام کا کہنا تھا کہ ملک کو درپیش چیلنجز سے نمٹنے کے لیے قومی یکجہتی ناگزیر ہے
33
تیجیشر
اسلام آباد میں منعقدہ اجلاس میں حکومتی نمائندوں نے ملکی معیشت، سرمایہ کاری، توانائی، زراعت اور تعلیم کے شعبوں میں جاری منصوبوں کا جائزہ لیا اور متعلقہ اداروں کو ہدایت کی کہ عوامی مسائل کے حل کے لیے فوری اقدامات کیے جائیں، اجلاس میں صوبائی حکومتوں کے ساتھ رابطے بہتر بنانے اور ترقیاتی منصوبوں کی بروقت تکمیل پر زور دیا گیا جبکہ شفافیت اور احتساب کو یقینی بنانے کے لیے نئے طریقہ کار متعارف کرانے کا فیصلہ بھی کیا گیا، حکام کا کہنا تھا کہ ملک کو درپیش چیلنجز سے نمٹنے کے لیے قومی یکجہتی ناگزیر ہے اسلام آباد میں منعقدہ اجلاس میں حکومتی نمائندوں نے ملکی معیشت، سرمایہ کاری، توانائی، زراعت اور تعلیم کے شعبوں میں جاری منصوبوں کا جائزہ لیا اور متعلقہ اداروں کو ہدایت کی کہ عوامی مسائل کے حل کے لیے فوری اقدامات کیے جائیں، اجلاس میں صوبائی حکومتوں کے ساتھ رابطے بہتر بنانے اور ترقیاتی منصوبوں کی بروقت تکمیل پر زور دیا گیا جبکہ شفافیت اور احتساب کو یقینی بنانے کے لیے نئے طریقہ کار متعارف کرانے کا فیصلہ بھی کیا گیا، حکام کا کہنا تھا کہ ملک کو درپیش چیلنجز سے نمٹنے کے لیے قومی یکجہتی ناگزیر ہے اسلام آباد میں منعقدہ اجلاس میں حکومتی نمائندوں نے ملکی معیشت، سرمایہ کاری، توانائی، زراعت اور تعلیم کے شعبوں میں جاری منصوبوں کا جائزہ لیا اور متعلقہ اداروں کو ہدایت کی کہ عوامی مسائل کے حل کے لیے فوری اقدامات کیے جائیں، اجلاس میں صوبائی حکومتوں کے ساتھ رابطے بہتر بنانے اور ترقیاتی منصوبوں کی بروقت تکمیل پر زور دیا گیا جبکہ شفافیت اور احتساب کو یقینی بنانے کے لیے نئے طریقہ کار متعارف کرانے کا فیصلہ بھی کیا گیا، حکام کا کہنا تھا کہ ملک کو درپیش چیلنجز سے نمٹنے کے لیے قومی یکجہتی ناگزیر ہے
بعدالت جناب عبدالستار
کلوتمسلی سول جج گجر گڑھ
اسلام آباد میں منعقدہ اجلاس میں حکومتی نمائندوں نے ملکی معیشت، سرمایہ کاری، توانائی، زراعت اور تعلیم کے شعبوں میں جاری منصوبوں کا جائزہ لیا اور متعلقہ اداروں کو ہدایت کی کہ عوامی مسائل کے حل کے لیے فوری اقدامات کیے جائیں، اجلاس میں صوبائی حکومتوں کے ساتھ رابطے بہتر بنانے اور ترقیاتی منصوبوں کی بروقت تکمیل پر زور دیا گیا جبکہ شفافیت اور احتساب کو یقینی بنانے کے لیے نئے طریقہ کار متعارف کرانے کا فیصلہ بھی کیا گیا، حکام کا کہنا تھا کہ ملک کو درپیش چیلنجز سے نمٹنے کے لیے قومی یکجہتی ناگزیر ہے
بعدالت جناب محمد آصف
جھٹ صاحب سول جج میانوالی
اسلام آباد میں منعقدہ اجلاس میں حکومتی نمائندوں نے ملکی معیشت، سرمایہ کاری، توانائی، زراعت اور تعلیم کے شعبوں میں جاری منصوبوں کا جائزہ لیا اور متعلقہ اداروں کو ہدایت کی کہ عوامی مسائل کے حل کے لیے فوری اقدامات کیے جائیں، اجلاس میں صوبائی حکومتوں کے ساتھ رابطے بہتر بنانے اور ترقیاتی منصوبوں کی بروقت تکمیل پر زور دیا گیا جبکہ شفافیت اور احتساب کو یقینی بنانے کے لیے نئے طریقہ کار متعارف کرانے کا فیصلہ بھی کیا گیا، حکام کا کہنا تھا کہ ملک کو درپیش چیلنجز سے نمٹنے کے لیے قومی یکجہتی ناگزیر ہے
بعدالت جناب عمر فاروق وڑائچ صاحب
سینئر سول جج فیملی ڈویژن میانوالی
اسلام آباد میں منعقدہ اجلاس میں حکومتی نمائندوں نے ملکی معیشت، سرمایہ کاری، توانائی، زراعت اور تعلیم کے شعبوں میں جاری منصوبوں کا جائزہ لیا اور متعلقہ اداروں کو ہدایت کی کہ عوامی مسائل کے حل کے لیے فوری اقدامات کیے جائیں، اجلاس میں صوبائی حکومتوں کے ساتھ رابطے بہتر بنانے اور ترقیاتی منصوبوں کی بروقت تکمیل پر زور دیا گیا جبکہ شفافیت اور احتساب کو یقینی بنانے کے لیے نئے طریقہ کار متعارف کرانے کا فیصلہ بھی کیا گیا، حکام کا کہنا تھا کہ ملک کو درپیش چیلنجز سے نمٹنے کے لیے قومی یکجہتی ناگزیر ہے
عدالت جناب عمر فاروق وڑائچ صاحب
سینئر سول جج فیملی ڈویژن میانوالی
اسلام آباد میں منعقدہ اجلاس میں حکومتی نمائندوں نے ملکی معیشت، سرمایہ کاری، توانائی، زراعت اور تعلیم کے شعبوں میں جاری منصوبوں کا جائزہ لیا اور متعلقہ اداروں کو ہدایت کی کہ عوامی مسائل کے حل کے لیے فوری اقدامات کیے جائیں، اجلاس میں صوبائی حکومتوں کے ساتھ رابطے بہتر بنانے اور ترقیاتی منصوبوں کی بروقت تکمیل پر زور دیا گیا جبکہ شفافیت اور احتساب کو یقینی بنانے کے لیے نئے طریقہ کار متعارف کرانے کا فیصلہ بھی کیا گیا، حکام کا کہنا تھا کہ ملک کو درپیش چیلنجز سے نمٹنے کے لیے قومی یکجہتی ناگزیر ہے
34
تیجیشر
اسلام آباد میں منعقدہ اجلاس میں حکومتی نمائندوں نے ملکی معیشت، سرمایہ کاری، توانائی، زراعت اور تعلیم کے شعبوں میں جاری منصوبوں کا جائزہ لیا اور متعلقہ اداروں کو ہدایت کی کہ عوامی مسائل کے حل کے لیے فوری اقدامات کیے جائیں، اجلاس میں صوبائی حکومتوں کے ساتھ رابطے بہتر بنانے اور ترقیاتی منصوبوں کی بروقت تکمیل پر زور دیا گیا جبکہ شفافیت اور احتساب کو یقینی بنانے کے لیے نئے طریقہ کار متعارف کرانے کا فیصلہ بھی کیا گیا، حکام کا کہنا تھا کہ ملک کو درپیش چیلنجز سے نمٹنے کے لیے قومی یکجہتی ناگزیر ہے اسلام آباد میں منعقدہ اجلاس میں حکومتی نمائندوں نے ملکی معیشت، سرمایہ کاری، توانائی، زراعت اور تعلیم کے شعبوں میں جاری منصوبوں کا جائزہ لیا اور متعلقہ اداروں کو ہدایت کی کہ عوامی مسائل کے حل کے لیے فوری اقدامات کیے جائیں، اجلاس میں صوبائی حکومتوں کے ساتھ رابطے بہتر بنانے اور ترقیاتی منصوبوں کی بروقت تکمیل پر زور دیا گیا جبکہ شفافیت اور احتساب کو یقینی بنانے کے لیے نئے طریقہ کار متعارف کرانے کا فیصلہ بھی کیا گیا، حکام کا کہنا تھا کہ ملک کو درپیش چیلنجز سے نمٹنے کے لیے قومی یکجہتی ناگزیر ہے
35
تیجیشر
اسلام آباد میں منعقدہ اجلاس میں حکومتی نمائندوں نے ملکی معیشت، سرمایہ کاری، توانائی، زراعت اور تعلیم کے شعبوں میں جاری منصوبوں کا جائزہ لیا اور متعلقہ اداروں کو ہدایت کی کہ عوامی مسائل کے حل کے لیے فوری اقدامات کیے جائیں، اجلاس میں صوبائی حکومتوں کے ساتھ رابطے بہتر بنانے اور ترقیاتی منصوبوں کی بروقت تکمیل پر زور دیا گیا جبکہ شفافیت اور احتساب کو یقینی بنانے کے لیے نئے طریقہ کار متعارف کرانے کا فیصلہ بھی کیا گیا، حکام کا کہنا تھا کہ ملک کو درپیش چیلنجز سے نمٹنے کے لیے قومی یکجہتی ناگزیر ہے اسلام آباد میں منعقدہ اجلاس میں حکومتی نمائندوں نے ملکی معیشت، سرمایہ کاری، توانائی، زراعت اور تعلیم کے شعبوں میں جاری منصوبوں کا جائزہ لیا اور متعلقہ اداروں کو ہدایت کی کہ عوامی مسائل کے حل کے لیے فوری اقدامات کیے جائیں، اجلاس میں صوبائی حکومتوں کے ساتھ رابطے بہتر بنانے اور ترقیاتی منصوبوں کی بروقت تکمیل پر زور دیا گیا جبکہ شفافیت اور احتساب کو یقینی بنانے کے لیے نئے طریقہ کار متعارف کرانے کا فیصلہ بھی کیا گیا، حکام کا کہنا تھا کہ ملک کو درپیش چیلنجز سے نمٹنے کے لیے قومی یکجہتی ناگزیر ہے
36
تیجیشر
اسلام آباد میں منعقدہ اجلاس میں حکومتی نمائندوں نے ملکی معیشت، سرمایہ کاری، توانائی، زراعت اور تعلیم کے شعبوں میں جاری منصوبوں کا جائزہ لیا اور متعلقہ اداروں کو ہدایت کی کہ عوامی مسائل کے حل کے لیے فوری اقدامات کیے جائیں، اجلاس میں صوبائی حکومتوں کے ساتھ رابطے بہتر بنانے اور ترقیاتی منصوبوں کی بروقت تکمیل پر زور دیا گیا جبکہ شفافیت اور احتساب کو یقینی بنانے کے لیے نئے طریقہ کار متعارف کرانے کا فیصلہ بھی کیا گیا، حکام کا کہنا تھا کہ ملک کو درپیش چیلنجز سے نمٹنے کے لیے قومی یکجہتی ناگزیر ہے اسلام آباد میں منعقدہ اجلاس میں حکومتی نمائندوں نے ملکی معیشت، سرمایہ کاری، توانائی، زراعت اور تعلیم کے شعبوں میں جاری منصوبوں کا جائزہ لیا اور متعلقہ اداروں کو ہدایت کی کہ عوامی مسائل کے حل کے لیے فوری اقدامات کیے جائیں، اجلاس میں صوبائی حکومتوں کے ساتھ رابطے بہتر بنانے اور ترقیاتی منصوبوں کی بروقت تکمیل پر زور دیا گیا جبکہ شفافیت اور احتساب کو یقینی بنانے کے لیے نئے طریقہ کار متعارف کرانے کا فیصلہ بھی کیا گیا، حکام کا کہنا تھا کہ ملک کو درپیش چیلنجز سے نمٹنے کے لیے قومی یکجہتی ناگزیر ہے
37
تیجیشر
اسلام آباد میں منعقدہ اجلاس میں حکومتی نمائندوں نے ملکی معیشت، سرمایہ کاری، توانائی، زراعت اور تعلیم کے شعبوں میں جاری منصوبوں کا جائزہ لیا اور متعلقہ اداروں کو ہدایت کی کہ عوامی مسائل کے حل کے لیے فوری اقدامات کیے جائیں، اجلاس میں صوبائی حکومتوں کے ساتھ رابطے بہتر بنانے اور ترقیاتی منصوبوں کی بروقت تکمیل پر زور دیا گیا جبکہ شفافیت اور احتساب کو یقینی بنانے کے لیے نئے طریقہ کار متعارف کرانے کا فیصلہ بھی کیا گیا، حکام کا کہنا تھا کہ ملک کو درپیش چیلنجز سے نمٹنے کے لیے قومی یکجہتی ناگزیر ہے اسلام آباد میں منعقدہ اجلاس میں حکومتی نمائندوں نے ملکی معیشت، سرمایہ کاری، توانائی، زراعت اور تعلیم کے شعبوں میں جاری منصوبوں کا جائزہ لیا اور متعلقہ اداروں کو ہدایت کی کہ عوامی مسائل کے حل کے لیے فوری اقدامات کیے جائیں، اجلاس میں صوبائی حکومتوں کے ساتھ رابطے بہتر بنانے اور ترقیاتی منصوبوں کی بروقت تکمیل پر زور دیا گیا جبکہ شفافیت اور احتساب کو یقینی بنانے کے لیے نئے طریقہ کار متعارف کرانے کا فیصلہ بھی کیا گیا، حکام کا کہنا تھا کہ ملک کو درپیش چیلنجز سے نمٹنے کے لیے قومی یکجہتی ناگزیر ہے
38
تیجیشر
اسلام آباد میں منعقدہ اجلاس میں حکومتی نمائندوں نے ملکی معیشت، سرمایہ کاری، توانائی، زراعت اور تعلیم کے شعبوں میں جاری منصوبوں کا جائزہ لیا اور متعلقہ اداروں کو ہدایت کی کہ عوامی مسائل کے حل کے لیے فوری اقدامات کیے جائیں، اجلاس میں صوبائی حکومتوں کے ساتھ رابطے بہتر بنانے اور ترقیاتی منصوبوں کی بروقت تکمیل پر زور دیا گیا جبکہ شفافیت اور احتساب کو یقینی بنانے کے لیے نئے طریقہ کار متعارف کرانے کا فیصلہ بھی کیا گیا، حکام کا کہنا تھا کہ ملک کو درپیش چیلنجز سے نمٹنے کے لیے قومی یکجہتی ناگزیر ہے اسلام آباد میں منعقدہ اجلاس میں حکومتی نمائندوں نے ملکی معیشت، سرمایہ کاری، توانائی، زراعت اور تعلیم کے شعبوں میں جاری منصوبوں کا جائزہ لیا اور متعلقہ اداروں کو ہدایت کی کہ عوامی مسائل کے حل کے لیے فوری اقدامات کیے جائیں، اجلاس میں صوبائی حکومتوں کے ساتھ رابطے بہتر بنانے اور ترقیاتی منصوبوں کی بروقت تکمیل پر زور دیا گیا جبکہ شفافیت اور احتساب کو یقینی بنانے کے لیے نئے طریقہ کار متعارف کرانے کا فیصلہ بھی کیا گیا، حکام کا کہنا تھا کہ ملک کو درپیش چیلنجز سے نمٹنے کے لیے قومی یکجہتی ناگزیر ہے
39
تیجیشر
اسلام آباد میں منعقدہ اجلاس میں حکومتی نمائندوں نے ملکی معیشت، سرمایہ کاری، توانائی، زراعت اور تعلیم کے شعبوں میں جاری منصوبوں کا جائزہ لیا اور متعلقہ اداروں کو ہدایت کی کہ عوامی مسائل کے حل کے لیے فوری اقدامات کیے جائیں، اجلاس میں صوبائی حکومتوں کے ساتھ رابطے بہتر بنانے اور ترقیاتی منصوبوں کی بروقت تکمیل پر زور دیا گیا جبکہ شفافیت اور احتساب کو یقینی بنانے کے لیے نئے طریقہ کار متعارف کرانے کا فیصلہ بھی کیا گیا، حکام کا کہنا تھا کہ ملک کو درپیش چیلنجز سے نمٹنے کے لیے قومی یکجہتی ناگزیر ہے اسلام آباد میں منعقدہ اجلاس میں حکومتی نمائندوں نے ملکی معیشت، سرمایہ کاری، توانائی، زراعت اور تعلیم کے شعبوں میں جاری منصوبوں کا جائزہ لیا اور متعلقہ اداروں کو ہدایت کی کہ عوامی مسائل کے حل کے لیے فوری اقدامات کیے جائیں، اجلاس میں صوبائی حکومتوں کے ساتھ رابطے بہتر بنانے اور ترقیاتی منصوبوں کی بروقت تکمیل پر زور دیا گیا جبکہ شفافیت اور احتساب کو یقینی بنانے کے لیے نئے طریقہ کار متعارف کرانے کا فیصلہ بھی کیا گیا، حکام کا کہنا تھا کہ ملک کو درپیش چیلنجز سے نمٹنے کے لیے قومی یکجہتی ناگزیر ہے
بعدالت محترمہ عمرانہ صاحبہ
سول جج گوجرخان ضلع راولپنڈی
اسلام آباد میں منعقدہ اجلاس میں حکومتی نمائندوں نے ملکی معیشت، سرمایہ کاری، توانائی، زراعت اور تعلیم کے شعبوں میں جاری منصوبوں کا جائزہ لیا اور متعلقہ اداروں کو ہدایت کی کہ عوامی مسائل کے حل کے لیے فوری اقدامات کیے جائیں، اجلاس میں صوبائی حکومتوں کے ساتھ رابطے بہتر بنانے اور ترقیاتی منصوبوں کی بروقت تکمیل پر زور دیا گیا جبکہ شفافیت اور احتساب کو یقینی بنانے کے لیے نئے طریقہ کار متعارف کرانے کا فیصلہ بھی کیا گیا، حکام کا کہنا تھا کہ ملک کو درپیش چیلنجز سے نمٹنے کے لیے قومی یکجہتی ناگزیر ہے
12.02.2026
بعدالت جناب چوہدری رضوان علی
صاحب تحصیلدار ACI/ اٹک
اسلام آباد میں منعقدہ اجلاس میں حکومتی نمائندوں نے ملکی معیشت، سرمایہ کاری، توانائی، زراعت اور تعلیم کے شعبوں میں جاری منصوبوں کا جائزہ لیا اور متعلقہ اداروں کو ہدایت کی کہ عوامی مسائل کے حل کے لیے فوری اقدامات کیے جائیں، اجلاس میں صوبائی حکومتوں کے ساتھ رابطے بہتر بنانے اور ترقیاتی منصوبوں کی بروقت تکمیل پر زور دیا گیا جبکہ شفافیت اور احتساب کو یقینی بنانے کے لیے نئے طریقہ کار متعارف کرانے کا فیصلہ بھی کیا گیا، حکام کا کہنا تھا کہ ملک کو درپیش چیلنجز سے نمٹنے کے لیے قومی یکجہتی ناگزیر ہے
11 فروری 2026
بعدالت جناب محمد انیس
صاحب سول جج راولپنڈی
Latter of administration
اسلام آباد میں منعقدہ اجلاس میں حکومتی نمائندوں نے ملکی معیشت، سرمایہ کاری، توانائی، زراعت اور تعلیم کے شعبوں میں جاری منصوبوں کا جائزہ لیا اور متعلقہ اداروں کو ہدایت کی کہ عوامی مسائل کے حل کے لیے فوری اقدامات کیے جائیں، اجلاس میں صوبائی حکومتوں کے ساتھ رابطے بہتر بنانے اور ترقیاتی منصوبوں کی بروقت تکمیل پر زور دیا گیا جبکہ شفافیت اور احتساب کو یقینی بنانے کے لیے نئے طریقہ کار متعارف کرانے کا فیصلہ بھی کیا گیا، حکام کا کہنا تھا کہ ملک کو درپیش چیلنجز سے نمٹنے کے لیے قومی یکجہتی ناگزیر ہے
24-02-2026
بعدالت جناب شاہ احمد
صاحب سول جج فیملی راولپنڈی
اسلام آباد میں منعقدہ اجلاس میں حکومتی نمائندوں نے ملکی معیشت، سرمایہ کاری، توانائی، زراعت اور تعلیم کے شعبوں میں جاری منصوبوں کا جائزہ لیا اور متعلقہ اداروں کو ہدایت کی کہ عوامی مسائل کے حل کے لیے فوری اقدامات کیے جائیں، اجلاس میں صوبائی حکومتوں کے ساتھ رابطے بہتر بنانے اور ترقیاتی منصوبوں کی بروقت تکمیل پر زور دیا گیا جبکہ شفافیت اور احتساب کو یقینی بنانے کے لیے نئے طریقہ کار متعارف کرانے کا فیصلہ بھی کیا گیا، حکام کا کہنا تھا کہ ملک کو درپیش چیلنجز سے نمٹنے کے لیے قومی یکجہتی ناگزیر ہے
20-02-2026
بعدالت جناب حسن رضا صاحب
سول جج درجہ اول/الٹ فیملی کورٹ تحصیل گوجرخان ضلع راولپنڈی
اسلام آباد میں منعقدہ اجلاس میں حکومتی نمائندوں نے ملکی معیشت، سرمایہ کاری، توانائی، زراعت اور تعلیم کے شعبوں میں جاری منصوبوں کا جائزہ لیا اور متعلقہ اداروں کو ہدایت کی کہ عوامی مسائل کے حل کے لیے فوری اقدامات کیے جائیں، اجلاس میں صوبائی حکومتوں کے ساتھ رابطے بہتر بنانے اور ترقیاتی منصوبوں کی بروقت تکمیل پر زور دیا گیا جبکہ شفافیت اور احتساب کو یقینی بنانے کے لیے نئے طریقہ کار متعارف کرانے کا فیصلہ بھی کیا گیا، حکام کا کہنا تھا کہ ملک کو درپیش چیلنجز سے نمٹنے کے لیے قومی یکجہتی ناگزیر ہے
بعدالت جناب نائب
تحصیلدار صاحب چکوال
اسلام آباد میں منعقدہ اجلاس میں حکومتی نمائندوں نے ملکی معیشت، سرمایہ کاری، توانائی، زراعت اور تعلیم کے شعبوں میں جاری منصوبوں کا جائزہ لیا اور متعلقہ اداروں کو ہدایت کی کہ عوامی مسائل کے حل کے لیے فوری اقدامات کیے جائیں، اجلاس میں صوبائی حکومتوں کے ساتھ رابطے بہتر بنانے اور ترقیاتی منصوبوں کی بروقت تکمیل پر زور دیا گیا جبکہ شفافیت اور احتساب کو یقینی بنانے کے لیے نئے طریقہ کار متعارف کرانے کا فیصلہ بھی کیا گیا، حکام کا کہنا تھا کہ ملک کو درپیش چیلنجز سے نمٹنے کے لیے قومی یکجہتی ناگزیر ہے
بعدالت جناب نائب
تحصیلدار صاحب چکوال
اسلام آباد میں منعقدہ اجلاس میں حکومتی نمائندوں نے ملکی معیشت، سرمایہ کاری، توانائی، زراعت اور تعلیم کے شعبوں میں جاری منصوبوں کا جائزہ لیا اور متعلقہ اداروں کو ہدایت کی کہ عوامی مسائل کے حل کے لیے فوری اقدامات کیے جائیں، اجلاس میں صوبائی حکومتوں کے ساتھ رابطے بہتر بنانے اور ترقیاتی منصوبوں کی بروقت تکمیل پر زور دیا گیا جبکہ شفافیت اور احتساب کو یقینی بنانے کے لیے نئے طریقہ کار متعارف کرانے کا فیصلہ بھی کیا گیا، حکام کا کہنا تھا کہ ملک کو درپیش چیلنجز سے نمٹنے کے لیے قومی یکجہتی ناگزیر ہے
بعدالت جناب تحصیلدار
ADLR/ صاحب تلہ گنگ ضلع چکوال
اسلام آباد میں منعقدہ اجلاس میں حکومتی نمائندوں نے ملکی معیشت، سرمایہ کاری، توانائی، زراعت اور تعلیم کے شعبوں میں جاری منصوبوں کا جائزہ لیا اور متعلقہ اداروں کو ہدایت کی کہ عوامی مسائل کے حل کے لیے فوری اقدامات کیے جائیں، اجلاس میں صوبائی حکومتوں کے ساتھ رابطے بہتر بنانے اور ترقیاتی منصوبوں کی بروقت تکمیل پر زور دیا گیا جبکہ شفافیت اور احتساب کو یقینی بنانے کے لیے نئے طریقہ کار متعارف کرانے کا فیصلہ بھی کیا گیا، حکام کا کہنا تھا کہ ملک کو درپیش چیلنجز سے نمٹنے کے لیے قومی یکجہتی ناگزیر ہے
بعدالت جناب تحصیلدار
ADLR/ صاحب چکوال
اسلام آباد میں منعقدہ اجلاس میں حکومتی نمائندوں نے ملکی معیشت، سرمایہ کاری، توانائی، زراعت اور تعلیم کے شعبوں میں جاری منصوبوں کا جائزہ لیا اور متعلقہ اداروں کو ہدایت کی کہ عوامی مسائل کے حل کے لیے فوری اقدامات کیے جائیں، اجلاس میں صوبائی حکومتوں کے ساتھ رابطے بہتر بنانے اور ترقیاتی منصوبوں کی بروقت تکمیل پر زور دیا گیا جبکہ شفافیت اور احتساب کو یقینی بنانے کے لیے نئے طریقہ کار متعارف کرانے کا فیصلہ بھی کیا گیا، حکام کا کہنا تھا کہ ملک کو درپیش چیلنجز سے نمٹنے کے لیے قومی یکجہتی ناگزیر ہے
بعدالت جناب جاوید محمود
صاحب سول جج چکوال
اسلام آباد میں منعقدہ اجلاس میں حکومتی نمائندوں نے ملکی معیشت، سرمایہ کاری، توانائی، زراعت اور تعلیم کے شعبوں میں جاری منصوبوں کا جائزہ لیا اور متعلقہ اداروں کو ہدایت کی کہ عوامی مسائل کے حل کے لیے فوری اقدامات کیے جائیں، اجلاس میں صوبائی حکومتوں کے ساتھ رابطے بہتر بنانے اور ترقیاتی منصوبوں کی بروقت تکمیل پر زور دیا گیا جبکہ شفافیت اور احتساب کو یقینی بنانے کے لیے نئے طریقہ کار متعارف کرانے کا فیصلہ بھی کیا گیا، حکام کا کہنا تھا کہ ملک کو درپیش چیلنجز سے نمٹنے کے لیے قومی یکجہتی ناگزیر ہے
بعدالت جناب جاوید محمود
صاحب سول جج چکوال
اسلام آباد میں منعقدہ اجلاس میں حکومتی نمائندوں نے ملکی معیشت، سرمایہ کاری، توانائی، زراعت اور تعلیم کے شعبوں میں جاری منصوبوں کا جائزہ لیا اور متعلقہ اداروں کو ہدایت کی کہ عوامی مسائل کے حل کے لیے فوری اقدامات کیے جائیں، اجلاس میں صوبائی حکومتوں کے ساتھ رابطے بہتر بنانے اور ترقیاتی منصوبوں کی بروقت تکمیل پر زور دیا گیا جبکہ شفافیت اور احتساب کو یقینی بنانے کے لیے نئے طریقہ کار متعارف کرانے کا فیصلہ بھی کیا گیا، حکام کا کہنا تھا کہ ملک کو درپیش چیلنجز سے نمٹنے کے لیے قومی یکجہتی ناگزیر ہے
